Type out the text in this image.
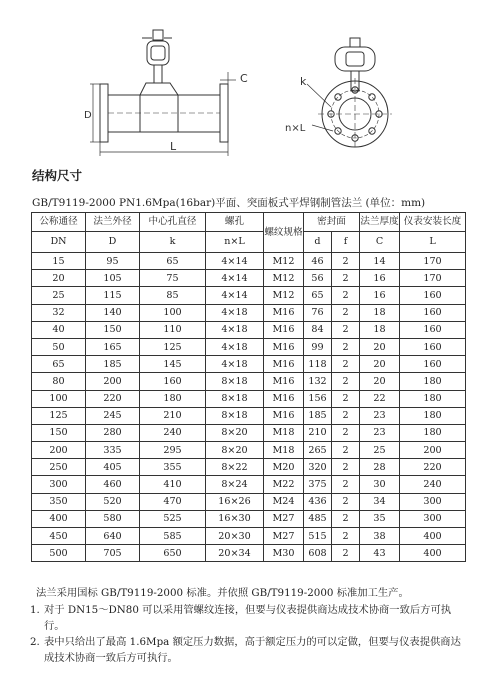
C
D
L
k
n×L
结构尺寸
GB/T9119-2000 PN1.6Mpa(16bar)平面、突面板式平焊钢制管法兰 (单位：mm)
公称通径	法兰外径	中心孔直径	螺孔	螺纹规格	密封面		法兰厚度	仪表安装长度
DN	D	k	n×L		d	f	C	L
15	95	65	4×14	M12	46	2	14	170
20	105	75	4×14	M12	56	2	16	170
25	115	85	4×14	M12	65	2	16	160
32	140	100	4×18	M16	76	2	18	160
40	150	110	4×18	M16	84	2	18	160
50	165	125	4×18	M16	99	2	20	160
65	185	145	4×18	M16	118	2	20	160
80	200	160	8×18	M16	132	2	20	180
100	220	180	8×18	M16	156	2	22	180
125	245	210	8×18	M16	185	2	23	180
150	280	240	8×20	M18	210	2	23	180
200	335	295	8×20	M18	265	2	25	200
250	405	355	8×22	M20	320	2	28	220
300	460	410	8×24	M22	375	2	30	240
350	520	470	16×26	M24	436	2	34	300
400	580	525	16×30	M27	485	2	35	300
450	640	585	20×30	M27	515	2	38	400
500	705	650	20×34	M30	608	2	43	400
法兰采用国标 GB/T9119-2000 标准。并依照 GB/T9119-2000 标准加工生产。
1. 对于 DN15～DN80 可以采用管螺纹连接，但要与仪表提供商达成技术协商一致后方可执行。
2. 表中只给出了最高 1.6Mpa 额定压力数据，高于额定压力的可以定做，但要与仪表提供商达成技术协商一致后方可执行。
